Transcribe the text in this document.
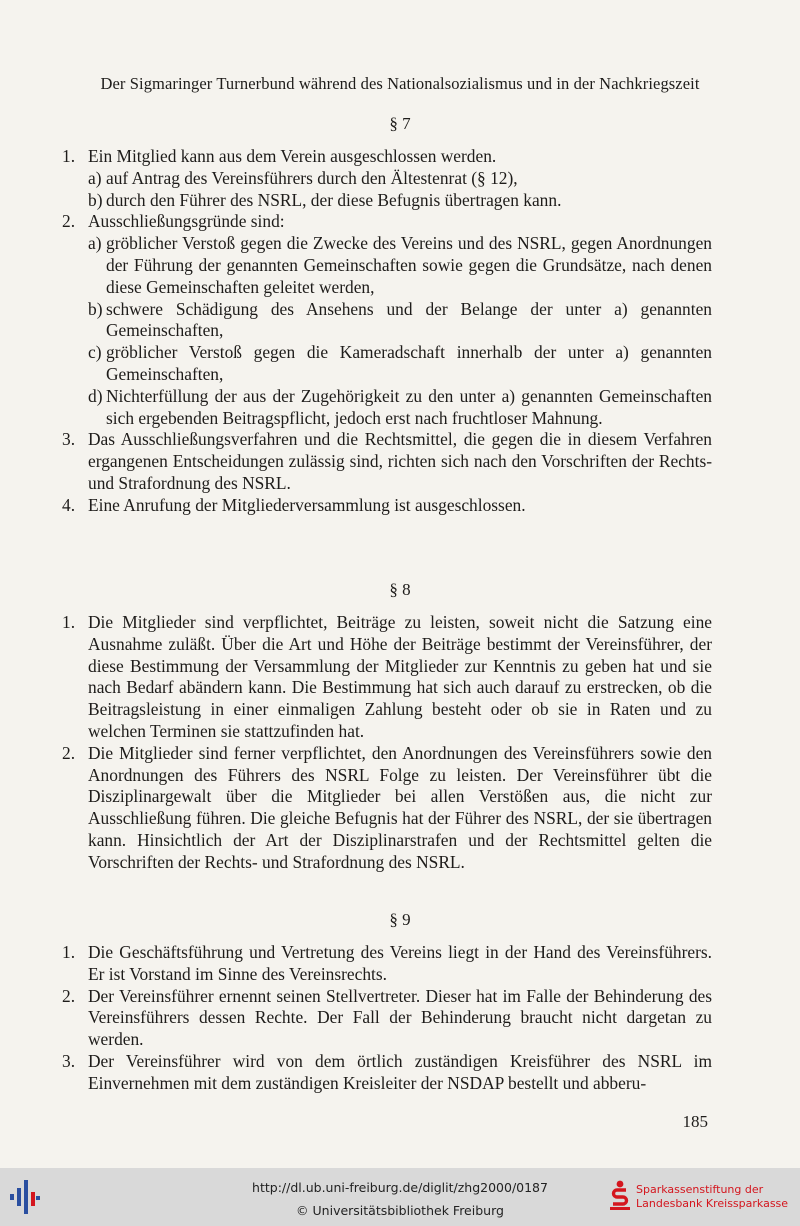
Der Sigmaringer Turnerbund während des Nationalsozialismus und in der Nachkriegszeit
§ 7
1. Ein Mitglied kann aus dem Verein ausgeschlossen werden.
a) auf Antrag des Vereinsführers durch den Ältestenrat (§ 12),
b) durch den Führer des NSRL, der diese Befugnis übertragen kann.
2. Ausschließungsgründe sind:
a) gröblicher Verstoß gegen die Zwecke des Vereins und des NSRL, gegen Anordnungen der Führung der genannten Gemeinschaften sowie gegen die Grundsätze, nach denen diese Gemeinschaften geleitet werden,
b) schwere Schädigung des Ansehens und der Belange der unter a) genannten Gemeinschaften,
c) gröblicher Verstoß gegen die Kameradschaft innerhalb der unter a) genannten Gemeinschaften,
d) Nichterfüllung der aus der Zugehörigkeit zu den unter a) genannten Gemeinschaften sich ergebenden Beitragspflicht, jedoch erst nach fruchtloser Mahnung.
3. Das Ausschließungsverfahren und die Rechtsmittel, die gegen die in diesem Verfahren ergangenen Entscheidungen zulässig sind, richten sich nach den Vorschriften der Rechts- und Strafordnung des NSRL.
4. Eine Anrufung der Mitgliederversammlung ist ausgeschlossen.
§ 8
1. Die Mitglieder sind verpflichtet, Beiträge zu leisten, soweit nicht die Satzung eine Ausnahme zuläßt. Über die Art und Höhe der Beiträge bestimmt der Vereinsführer, der diese Bestimmung der Versammlung der Mitglieder zur Kenntnis zu geben hat und sie nach Bedarf abändern kann. Die Bestimmung hat sich auch darauf zu erstrecken, ob die Beitragsleistung in einer einmaligen Zahlung besteht oder ob sie in Raten und zu welchen Terminen sie stattzufinden hat.
2. Die Mitglieder sind ferner verpflichtet, den Anordnungen des Vereinsführers sowie den Anordnungen des Führers des NSRL Folge zu leisten. Der Vereinsführer übt die Disziplinargewalt über die Mitglieder bei allen Verstößen aus, die nicht zur Ausschließung führen. Die gleiche Befugnis hat der Führer des NSRL, der sie übertragen kann. Hinsichtlich der Art der Disziplinarstrafen und der Rechtsmittel gelten die Vorschriften der Rechts- und Strafordnung des NSRL.
§ 9
1. Die Geschäftsführung und Vertretung des Vereins liegt in der Hand des Vereinsführers. Er ist Vorstand im Sinne des Vereinsrechts.
2. Der Vereinsführer ernennt seinen Stellvertreter. Dieser hat im Falle der Behinderung des Vereinsführers dessen Rechte. Der Fall der Behinderung braucht nicht dargetan zu werden.
3. Der Vereinsführer wird von dem örtlich zuständigen Kreisführer des NSRL im Einvernehmen mit dem zuständigen Kreisleiter der NSDAP bestellt und abberu-
185
http://dl.ub.uni-freiburg.de/diglit/zhg2000/0187
© Universitätsbibliothek Freiburg
Sparkassenstiftung der
Landesbank Kreissparkasse
